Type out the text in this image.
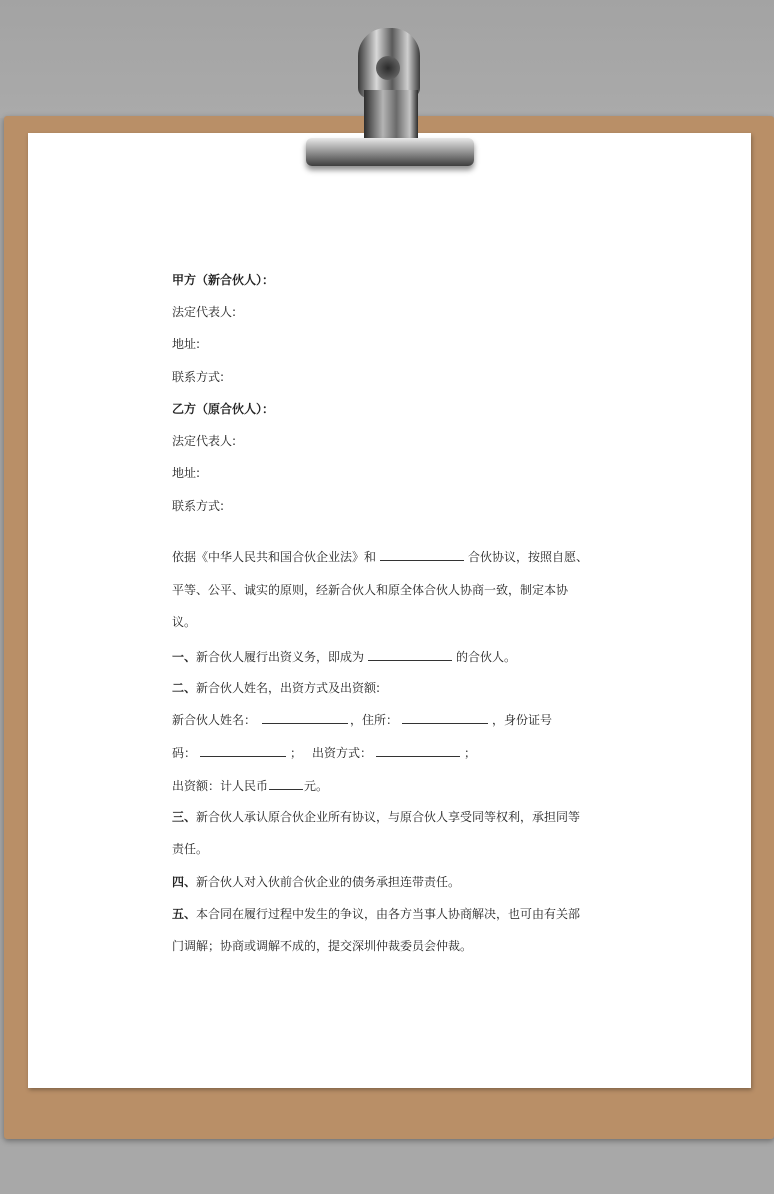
甲方（新合伙人）：
法定代表人:
地址:
联系方式:
乙方（原合伙人）：
法定代表人:
地址:
联系方式:
依据《中华人民共和国合伙企业法》和	合伙协议，按照自愿、
平等、公平、诚实的原则，经新合伙人和原全体合伙人协商一致，制定本协
议。
一、新合伙人履行出资义务，即成为	的合伙人。
二、新合伙人姓名，出资方式及出资额:
新合伙人姓名：	，住所：	，身份证号
码：	； 出资方式：	；
出资额：计人民币	元。
三、新合伙人承认原合伙企业所有协议，与原合伙人享受同等权利，承担同等
责任。
四、新合伙人对入伙前合伙企业的债务承担连带责任。
五、本合同在履行过程中发生的争议，由各方当事人协商解决，也可由有关部
门调解；协商或调解不成的，提交深圳仲裁委员会仲裁。
